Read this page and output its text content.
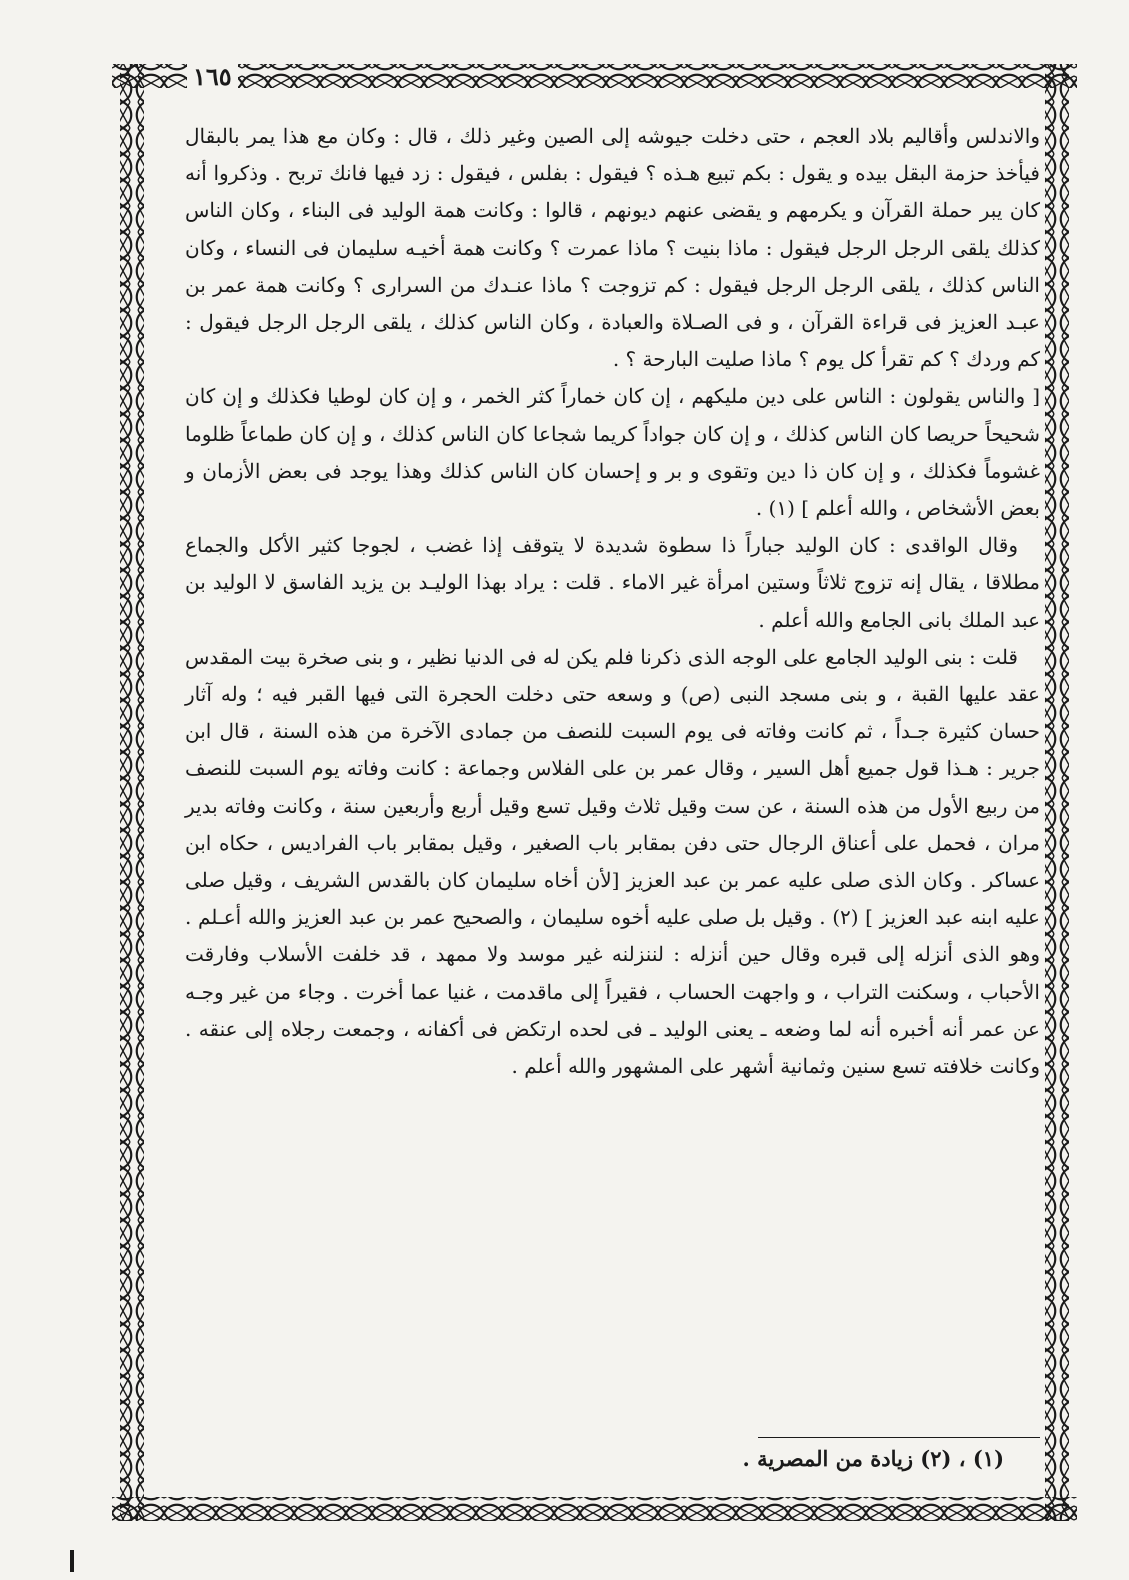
١٦٥

والاندلس وأقاليم بلاد العجم ، حتى دخلت جيوشه إلى الصين وغير ذلك ، قال : وكان مع هذا يمر بالبقال فيأخذ حزمة البقل بيده و يقول : بكم تبيع هـذه ؟ فيقول : بفلس ، فيقول : زد فيها فانك تربح . وذكروا أنه كان يبر حملة القرآن و يكرمهم و يقضى عنهم ديونهم ، قالوا : وكانت همة الوليد فى البناء ، وكان الناس كذلك يلقى الرجل الرجل فيقول : ماذا بنيت ؟ ماذا عمرت ؟ وكانت همة أخيـه سليمان فى النساء ، وكان الناس كذلك ، يلقى الرجل الرجل فيقول : كم تزوجت ؟ ماذا عنـدك من السرارى ؟ وكانت همة عمر بن عبـد العزيز فى قراءة القرآن ، و فى الصـلاة والعبادة ، وكان الناس كذلك ، يلقى الرجل الرجل فيقول : كم وردك ؟ كم تقرأ كل يوم ؟ ماذا صليت البارحة ؟ .

[ والناس يقولون : الناس على دين مليكهم ، إن كان خماراً كثر الخمر ، و إن كان لوطيا فكذلك و إن كان شحيحاً حريصا كان الناس كذلك ، و إن كان جواداً كريما شجاعا كان الناس كذلك ، و إن كان طماعاً ظلوما غشوماً فكذلك ، و إن كان ذا دين وتقوى و بر و إحسان كان الناس كذلك وهذا يوجد فى بعض الأزمان و بعض الأشخاص ، والله أعلم ] (١) .

وقال الواقدى : كان الوليد جباراً ذا سطوة شديدة لا يتوقف إذا غضب ، لجوجا كثير الأكل والجماع مطلاقا ، يقال إنه تزوج ثلاثاً وستين امرأة غير الاماء . قلت : يراد بهذا الوليـد بن يزيد الفاسق لا الوليد بن عبد الملك بانى الجامع والله أعلم .

قلت : بنى الوليد الجامع على الوجه الذى ذكرنا فلم يكن له فى الدنيا نظير ، و بنى صخرة بيت المقدس عقد عليها القبة ، و بنى مسجد النبى (ص) و وسعه حتى دخلت الحجرة التى فيها القبر فيه ؛ وله آثار حسان كثيرة جـداً ، ثم كانت وفاته فى يوم السبت للنصف من جمادى الآخرة من هذه السنة ، قال ابن جرير : هـذا قول جميع أهل السير ، وقال عمر بن على الفلاس وجماعة : كانت وفاته يوم السبت للنصف من ربيع الأول من هذه السنة ، عن ست وقيل ثلاث وقيل تسع وقيل أربع وأربعين سنة ، وكانت وفاته بدير مران ، فحمل على أعناق الرجال حتى دفن بمقابر باب الصغير ، وقيل بمقابر باب الفراديس ، حكاه ابن عساكر . وكان الذى صلى عليه عمر بن عبد العزيز [لأن أخاه سليمان كان بالقدس الشريف ، وقيل صلى عليه ابنه عبد العزيز ] (٢) . وقيل بل صلى عليه أخوه سليمان ، والصحيح عمر بن عبد العزيز والله أعـلم . وهو الذى أنزله إلى قبره وقال حين أنزله : لننزلنه غير موسد ولا ممهد ، قد خلفت الأسلاب وفارقت الأحباب ، وسكنت التراب ، و واجهت الحساب ، فقيراً إلى ماقدمت ، غنيا عما أخرت . وجاء من غير وجـه عن عمر أنه أخبره أنه لما وضعه ـ يعنى الوليد ـ فى لحده ارتكض فى أكفانه ، وجمعت رجلاه إلى عنقه . وكانت خلافته تسع سنين وثمانية أشهر على المشهور والله أعلم .

(١) ، (٢) زيادة من المصرية .
